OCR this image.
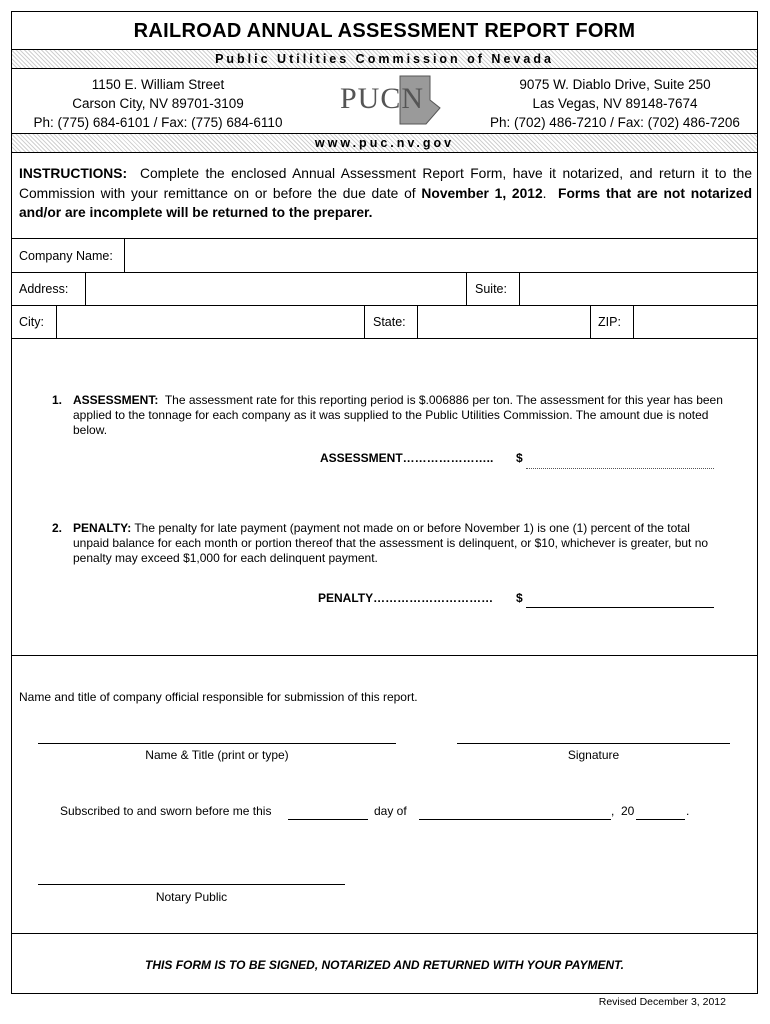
RAILROAD ANNUAL ASSESSMENT REPORT FORM
Public Utilities Commission of Nevada
1150 E. William Street
Carson City, NV 89701-3109
Ph: (775) 684-6101 / Fax: (775) 684-6110
9075 W. Diablo Drive, Suite 250
Las Vegas, NV 89148-7674
Ph: (702) 486-7210 / Fax: (702) 486-7206
PUCN
www.puc.nv.gov
INSTRUCTIONS: Complete the enclosed Annual Assessment Report Form, have it notarized, and return it to the Commission with your remittance on or before the due date of November 1, 2012.  Forms that are not notarized and/or are incomplete will be returned to the preparer.
Company Name:
Address:	Suite:
City:	State:	ZIP:
1. ASSESSMENT: The assessment rate for this reporting period is $.006886 per ton. The assessment for this year has been applied to the tonnage for each company as it was supplied to the Public Utilities Commission. The amount due is noted below.
ASSESSMENT………………….. $
2. PENALTY: The penalty for late payment (payment not made on or before November 1) is one (1) percent of the total unpaid balance for each month or portion thereof that the assessment is delinquent, or $10, whichever is greater, but no penalty may exceed $1,000 for each delinquent payment.
PENALTY………………………… $
Name and title of company official responsible for submission of this report.
Name & Title (print or type)	Signature
Subscribed to and sworn before me this	day of	, 20	.
Notary Public
THIS FORM IS TO BE SIGNED, NOTARIZED AND RETURNED WITH YOUR PAYMENT.
Revised December 3, 2012
